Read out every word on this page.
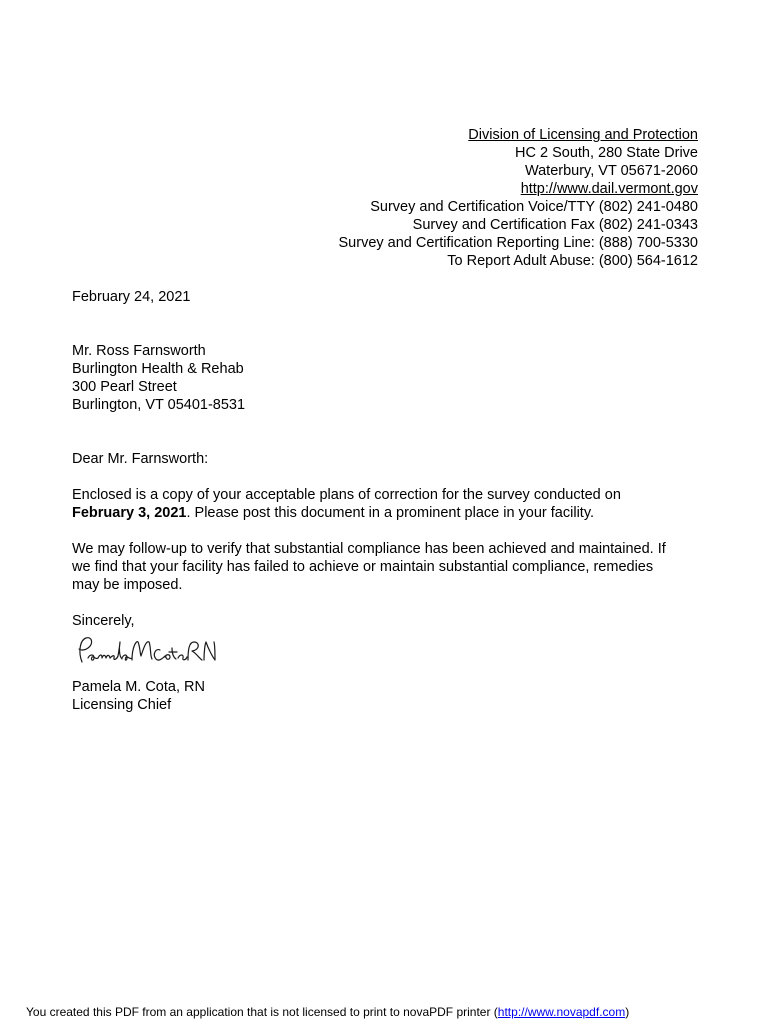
Division of Licensing and Protection
HC 2 South, 280 State Drive
Waterbury, VT 05671-2060
http://www.dail.vermont.gov
Survey and Certification Voice/TTY (802) 241-0480
Survey and Certification Fax (802) 241-0343
Survey and Certification Reporting Line: (888) 700-5330
To Report Adult Abuse: (800) 564-1612
February 24, 2021
Mr. Ross Farnsworth
Burlington Health & Rehab
300 Pearl Street
Burlington, VT 05401-8531
Dear Mr. Farnsworth:
Enclosed is a copy of your acceptable plans of correction for the survey conducted on
February 3, 2021. Please post this document in a prominent place in your facility.
We may follow-up to verify that substantial compliance has been achieved and maintained. If
we find that your facility has failed to achieve or maintain substantial compliance, remedies
may be imposed.
Sincerely,
Pamela M. Cota, RN
Licensing Chief
You created this PDF from an application that is not licensed to print to novaPDF printer (http://www.novapdf.com)
